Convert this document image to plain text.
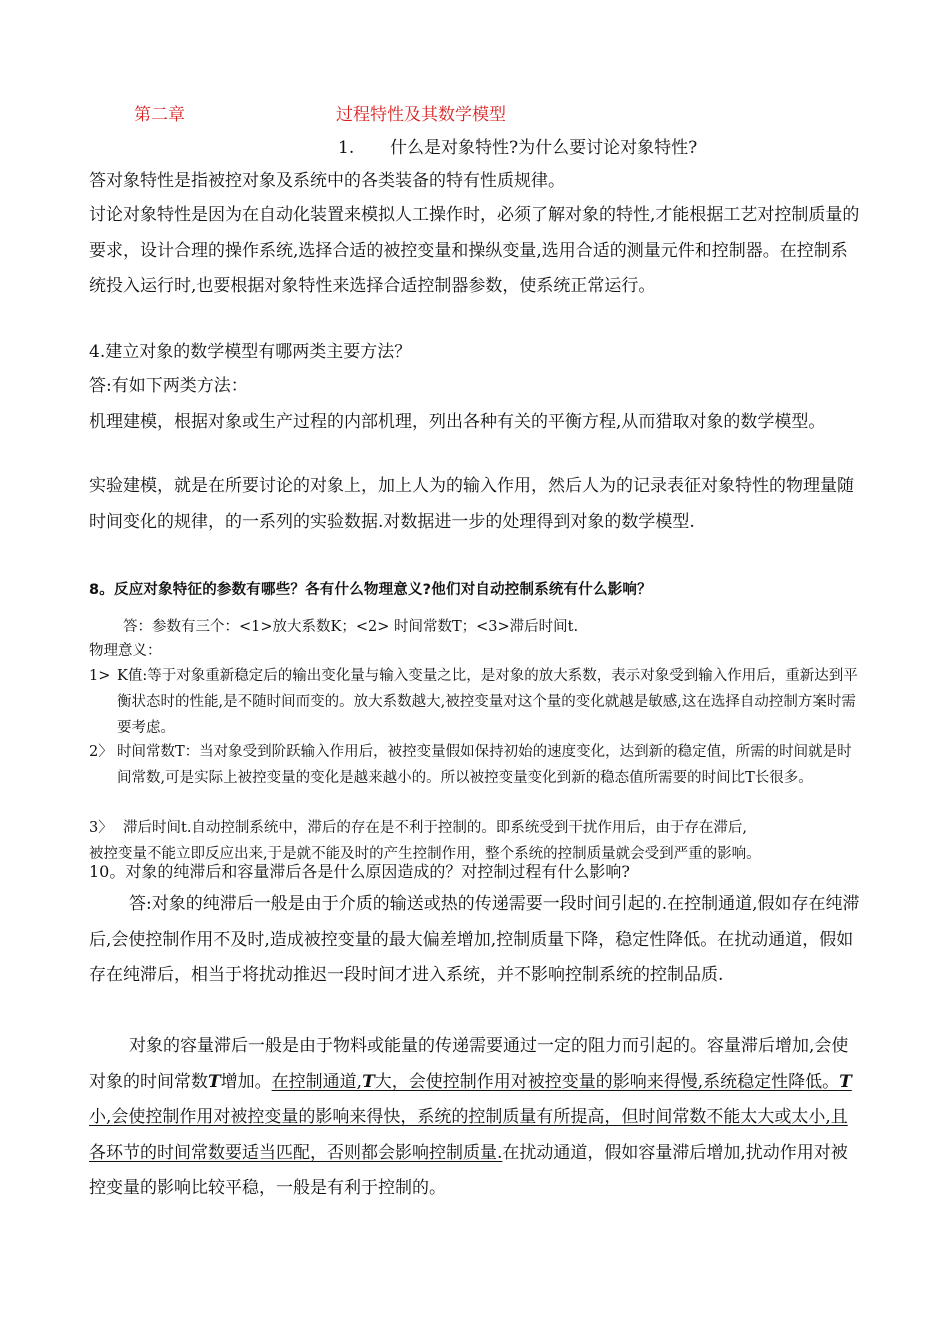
第二章	过程特性及其数学模型
1. 什么是对象特性?为什么要讨论对象特性?

答对象特性是指被控对象及系统中的各类装备的特有性质规律。

讨论对象特性是因为在自动化装置来模拟人工操作时，必须了解对象的特性,才能根据工艺对控制质量的要求，设计合理的操作系统,选择合适的被控变量和操纵变量,选用合适的测量元件和控制器。在控制系统投入运行时,也要根据对象特性来选择合适控制器参数，使系统正常运行。

4.建立对象的数学模型有哪两类主要方法？

答:有如下两类方法：

机理建模，根据对象或生产过程的内部机理，列出各种有关的平衡方程,从而猎取对象的数学模型。

实验建模，就是在所要讨论的对象上，加上人为的输入作用，然后人为的记录表征对象特性的物理量随时间变化的规律，的一系列的实验数据.对数据进一步的处理得到对象的数学模型.

8。反应对象特征的参数有哪些？各有什么物理意义?他们对自动控制系统有什么影响？

答：参数有三个：<1>放大系数K；<2> 时间常数T；<3>滞后时间t.

物理意义：

1> K值:等于对象重新稳定后的输出变化量与输入变量之比，是对象的放大系数，表示对象受到输入作用后，重新达到平衡状态时的性能,是不随时间而变的。放大系数越大,被控变量对这个量的变化就越是敏感,这在选择自动控制方案时需要考虑。
2〉 时间常数T：当对象受到阶跃输入作用后，被控变量假如保持初始的速度变化，达到新的稳定值，所需的时间就是时间常数,可是实际上被控变量的变化是越来越小的。所以被控变量变化到新的稳态值所需要的时间比T长很多。
3〉 滞后时间t.自动控制系统中，滞后的存在是不利于控制的。即系统受到干扰作用后，由于存在滞后,
被控变量不能立即反应出来,于是就不能及时的产生控制作用，整个系统的控制质量就会受到严重的影响。
10。对象的纯滞后和容量滞后各是什么原因造成的？对控制过程有什么影响?

答:对象的纯滞后一般是由于介质的输送或热的传递需要一段时间引起的.在控制通道,假如存在纯滞后,会使控制作用不及时,造成被控变量的最大偏差增加,控制质量下降，稳定性降低。在扰动通道，假如存在纯滞后，相当于将扰动推迟一段时间才进入系统，并不影响控制系统的控制品质.

对象的容量滞后一般是由于物料或能量的传递需要通过一定的阻力而引起的。容量滞后增加,会使对象的时间常数T增加。在控制通道,T大，会使控制作用对被控变量的影响来得慢,系统稳定性降低。T小,会使控制作用对被控变量的影响来得快，系统的控制质量有所提高，但时间常数不能太大或太小,且各环节的时间常数要适当匹配，否则都会影响控制质量.在扰动通道，假如容量滞后增加,扰动作用对被控变量的影响比较平稳，一般是有利于控制的。
